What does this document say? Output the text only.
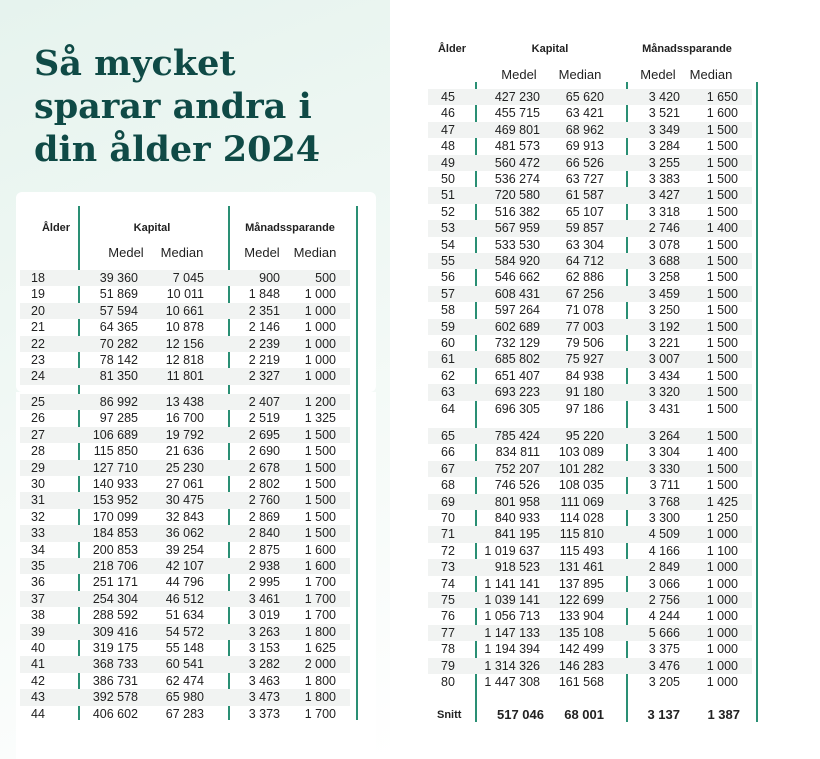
Så mycket sparar andra i din ålder 2024
Ålder	Kapital	Månadssparande
Medel	Median	Medel	Median
18	39 360	7 045	900	500
19	51 869	10 011	1 848	1 000
20	57 594	10 661	2 351	1 000
21	64 365	10 878	2 146	1 000
22	70 282	12 156	2 239	1 000
23	78 142	12 818	2 219	1 000
24	81 350	11 801	2 327	1 000
25	86 992	13 438	2 407	1 200
26	97 285	16 700	2 519	1 325
27	106 689	19 792	2 695	1 500
28	115 850	21 636	2 690	1 500
29	127 710	25 230	2 678	1 500
30	140 933	27 061	2 802	1 500
31	153 952	30 475	2 760	1 500
32	170 099	32 843	2 869	1 500
33	184 853	36 062	2 840	1 500
34	200 853	39 254	2 875	1 600
35	218 706	42 107	2 938	1 600
36	251 171	44 796	2 995	1 700
37	254 304	46 512	3 461	1 700
38	288 592	51 634	3 019	1 700
39	309 416	54 572	3 263	1 800
40	319 175	55 148	3 153	1 625
41	368 733	60 541	3 282	2 000
42	386 731	62 474	3 463	1 800
43	392 578	65 980	3 473	1 800
44	406 602	67 283	3 373	1 700
Ålder	Kapital	Månadssparande
Medel	Median	Medel	Median
45	427 230	65 620	3 420	1 650
46	455 715	63 421	3 521	1 600
47	469 801	68 962	3 349	1 500
48	481 573	69 913	3 284	1 500
49	560 472	66 526	3 255	1 500
50	536 274	63 727	3 383	1 500
51	720 580	61 587	3 427	1 500
52	516 382	65 107	3 318	1 500
53	567 959	59 857	2 746	1 400
54	533 530	63 304	3 078	1 500
55	584 920	64 712	3 688	1 500
56	546 662	62 886	3 258	1 500
57	608 431	67 256	3 459	1 500
58	597 264	71 078	3 250	1 500
59	602 689	77 003	3 192	1 500
60	732 129	79 506	3 221	1 500
61	685 802	75 927	3 007	1 500
62	651 407	84 938	3 434	1 500
63	693 223	91 180	3 320	1 500
64	696 305	97 186	3 431	1 500
65	785 424	95 220	3 264	1 500
66	834 811	103 089	3 304	1 400
67	752 207	101 282	3 330	1 500
68	746 526	108 035	3 711	1 500
69	801 958	111 069	3 768	1 425
70	840 933	114 028	3 300	1 250
71	841 195	115 810	4 509	1 000
72	1 019 637	115 493	4 166	1 100
73	918 523	131 461	2 849	1 000
74	1 141 141	137 895	3 066	1 000
75	1 039 141	122 699	2 756	1 000
76	1 056 713	133 904	4 244	1 000
77	1 147 133	135 108	5 666	1 000
78	1 194 394	142 499	3 375	1 000
79	1 314 326	146 283	3 476	1 000
80	1 447 308	161 568	3 205	1 000
Snitt	517 046	68 001	3 137	1 387
